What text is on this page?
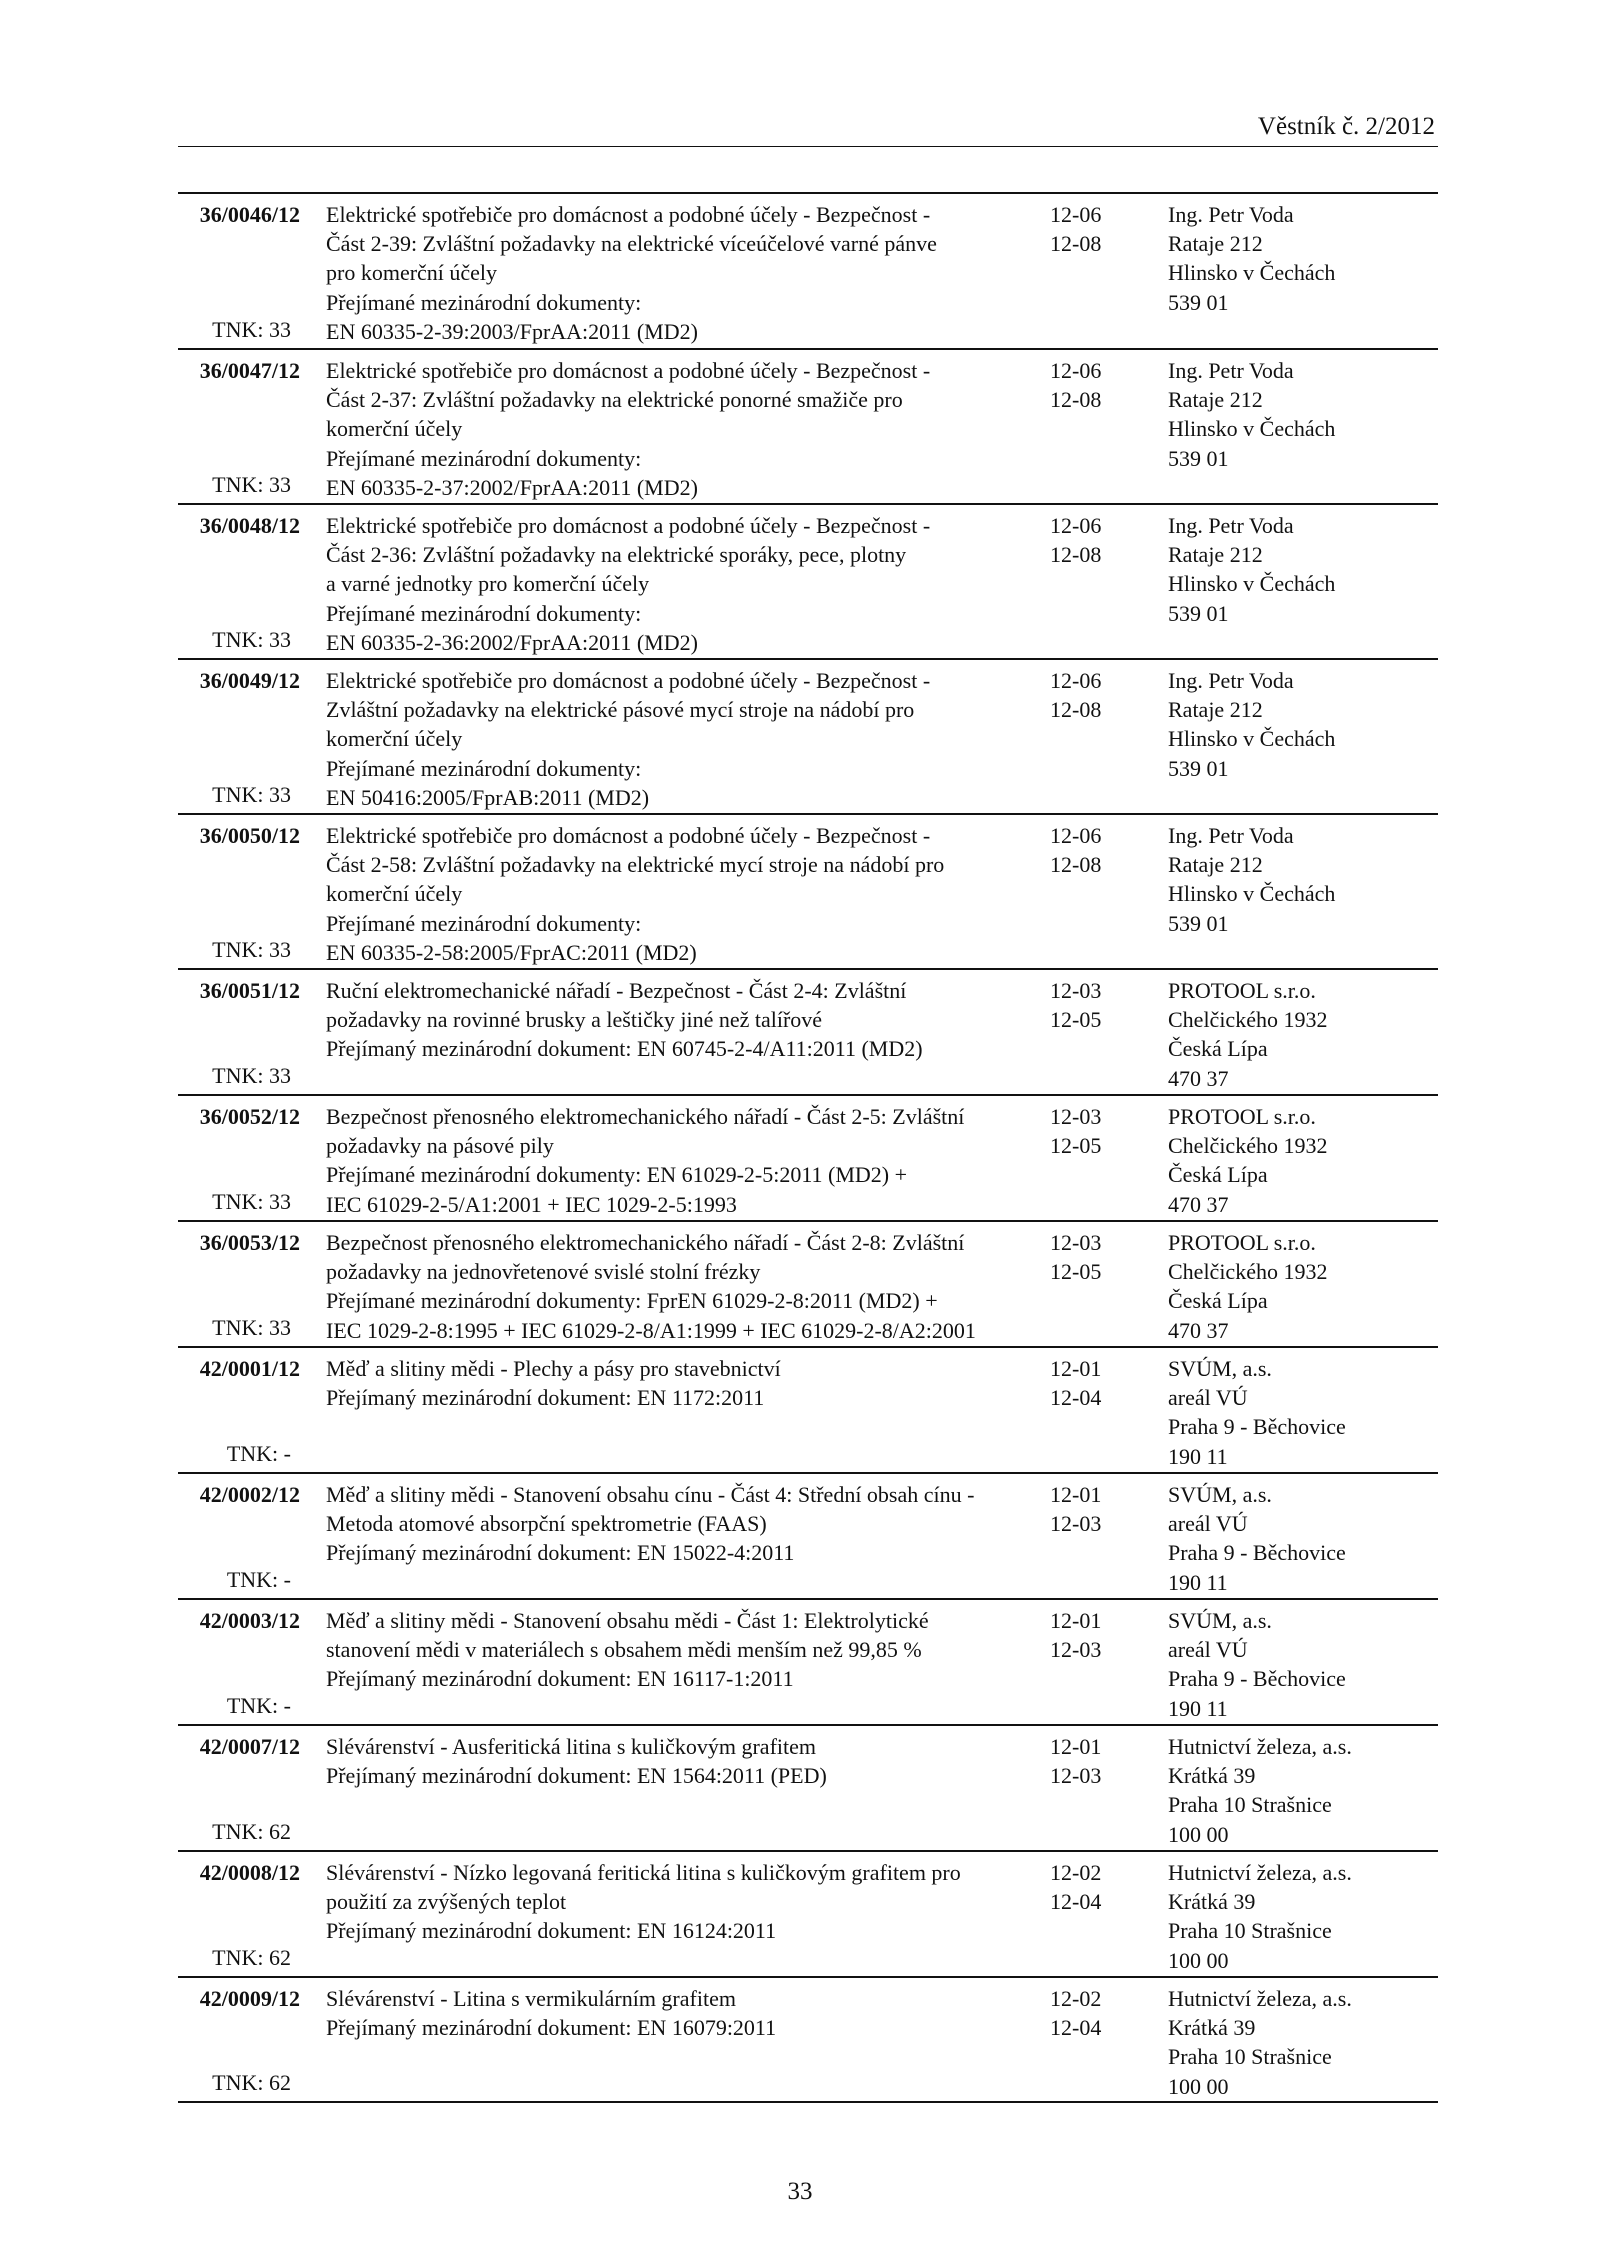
Věstník č. 2/2012
36/0046/12
TNK: 33
Elektrické spotřebiče pro domácnost a podobné účely - Bezpečnost -
Část 2-39: Zvláštní požadavky na elektrické víceúčelové varné pánve
pro komerční účely
Přejímané mezinárodní dokumenty:
EN 60335-2-39:2003/FprAA:2011 (MD2)
12-06
12-08
Ing. Petr Voda
Rataje 212
Hlinsko v Čechách
539 01
36/0047/12
TNK: 33
Elektrické spotřebiče pro domácnost a podobné účely - Bezpečnost -
Část 2-37: Zvláštní požadavky na elektrické ponorné smažiče pro
komerční účely
Přejímané mezinárodní dokumenty:
EN 60335-2-37:2002/FprAA:2011 (MD2)
12-06
12-08
Ing. Petr Voda
Rataje 212
Hlinsko v Čechách
539 01
36/0048/12
TNK: 33
Elektrické spotřebiče pro domácnost a podobné účely - Bezpečnost -
Část 2-36: Zvláštní požadavky na elektrické sporáky, pece, plotny
a varné jednotky pro komerční účely
Přejímané mezinárodní dokumenty:
EN 60335-2-36:2002/FprAA:2011 (MD2)
12-06
12-08
Ing. Petr Voda
Rataje 212
Hlinsko v Čechách
539 01
36/0049/12
TNK: 33
Elektrické spotřebiče pro domácnost a podobné účely - Bezpečnost -
Zvláštní požadavky na elektrické pásové mycí stroje na nádobí pro
komerční účely
Přejímané mezinárodní dokumenty:
EN 50416:2005/FprAB:2011 (MD2)
12-06
12-08
Ing. Petr Voda
Rataje 212
Hlinsko v Čechách
539 01
36/0050/12
TNK: 33
Elektrické spotřebiče pro domácnost a podobné účely - Bezpečnost -
Část 2-58: Zvláštní požadavky na elektrické mycí stroje na nádobí pro
komerční účely
Přejímané mezinárodní dokumenty:
EN 60335-2-58:2005/FprAC:2011 (MD2)
12-06
12-08
Ing. Petr Voda
Rataje 212
Hlinsko v Čechách
539 01
36/0051/12
TNK: 33
Ruční elektromechanické nářadí - Bezpečnost - Část 2-4: Zvláštní
požadavky na rovinné brusky a leštičky jiné než talířové
Přejímaný mezinárodní dokument: EN 60745-2-4/A11:2011 (MD2)
12-03
12-05
PROTOOL s.r.o.
Chelčického 1932
Česká Lípa
470 37
36/0052/12
TNK: 33
Bezpečnost přenosného elektromechanického nářadí - Část 2-5: Zvláštní
požadavky na pásové pily
Přejímané mezinárodní dokumenty: EN 61029-2-5:2011 (MD2) +
IEC 61029-2-5/A1:2001 + IEC 1029-2-5:1993
12-03
12-05
PROTOOL s.r.o.
Chelčického 1932
Česká Lípa
470 37
36/0053/12
TNK: 33
Bezpečnost přenosného elektromechanického nářadí - Část 2-8: Zvláštní
požadavky na jednovřetenové svislé stolní frézky
Přejímané mezinárodní dokumenty: FprEN 61029-2-8:2011 (MD2) +
IEC 1029-2-8:1995 + IEC 61029-2-8/A1:1999 + IEC 61029-2-8/A2:2001
12-03
12-05
PROTOOL s.r.o.
Chelčického 1932
Česká Lípa
470 37
42/0001/12
TNK: -
Měď a slitiny mědi - Plechy a pásy pro stavebnictví
Přejímaný mezinárodní dokument: EN 1172:2011
12-01
12-04
SVÚM, a.s.
areál VÚ
Praha 9 - Běchovice
190 11
42/0002/12
TNK: -
Měď a slitiny mědi - Stanovení obsahu cínu - Část 4: Střední obsah cínu -
Metoda atomové absorpční spektrometrie (FAAS)
Přejímaný mezinárodní dokument: EN 15022-4:2011
12-01
12-03
SVÚM, a.s.
areál VÚ
Praha 9 - Běchovice
190 11
42/0003/12
TNK: -
Měď a slitiny mědi - Stanovení obsahu mědi - Část 1: Elektrolytické
stanovení mědi v materiálech s obsahem mědi menším než 99,85 %
Přejímaný mezinárodní dokument: EN 16117-1:2011
12-01
12-03
SVÚM, a.s.
areál VÚ
Praha 9 - Běchovice
190 11
42/0007/12
TNK: 62
Slévárenství - Ausferitická litina s kuličkovým grafitem
Přejímaný mezinárodní dokument: EN 1564:2011 (PED)
12-01
12-03
Hutnictví železa, a.s.
Krátká 39
Praha 10 Strašnice
100 00
42/0008/12
TNK: 62
Slévárenství - Nízko legovaná feritická litina s kuličkovým grafitem pro
použití za zvýšených teplot
Přejímaný mezinárodní dokument: EN 16124:2011
12-02
12-04
Hutnictví železa, a.s.
Krátká 39
Praha 10 Strašnice
100 00
42/0009/12
TNK: 62
Slévárenství - Litina s vermikulárním grafitem
Přejímaný mezinárodní dokument: EN 16079:2011
12-02
12-04
Hutnictví železa, a.s.
Krátká 39
Praha 10 Strašnice
100 00
33
